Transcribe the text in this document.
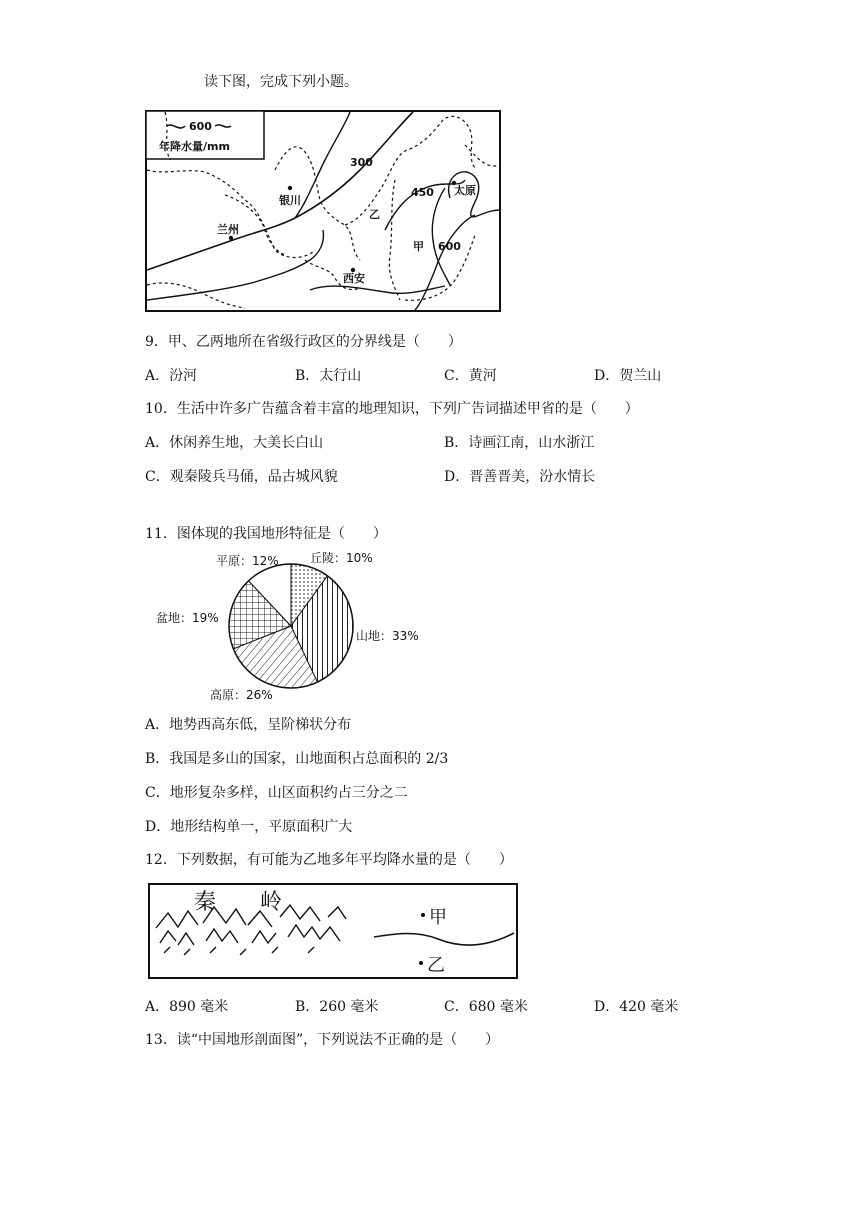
读下图，完成下列小题。
600
年降水量/mm
300
450
600
太原
银川
乙
甲
兰州
西安
9．甲、乙两地所在省级行政区的分界线是（　　）
A．汾河	B．太行山	C．黄河	D．贺兰山
10．生活中许多广告蕴含着丰富的地理知识，下列广告词描述甲省的是（　　）
A．休闲养生地，大美长白山	B．诗画江南，山水浙江
C．观秦陵兵马俑，品古城风貌	D．晋善晋美，汾水情长
11．图体现的我国地形特征是（　　）
平原：12%	丘陵：10%
盆地：19%
山地：33%
高原：26%
A．地势西高东低，呈阶梯状分布
B．我国是多山的国家，山地面积占总面积的 2/3
C．地形复杂多样，山区面积约占三分之二
D．地形结构单一，平原面积广大
12．下列数据，有可能为乙地多年平均降水量的是（　　）
秦 岭
甲
乙
A．890 毫米	B．260 毫米	C．680 毫米	D．420 毫米
13．读“中国地形剖面图”，下列说法不正确的是（　　）
